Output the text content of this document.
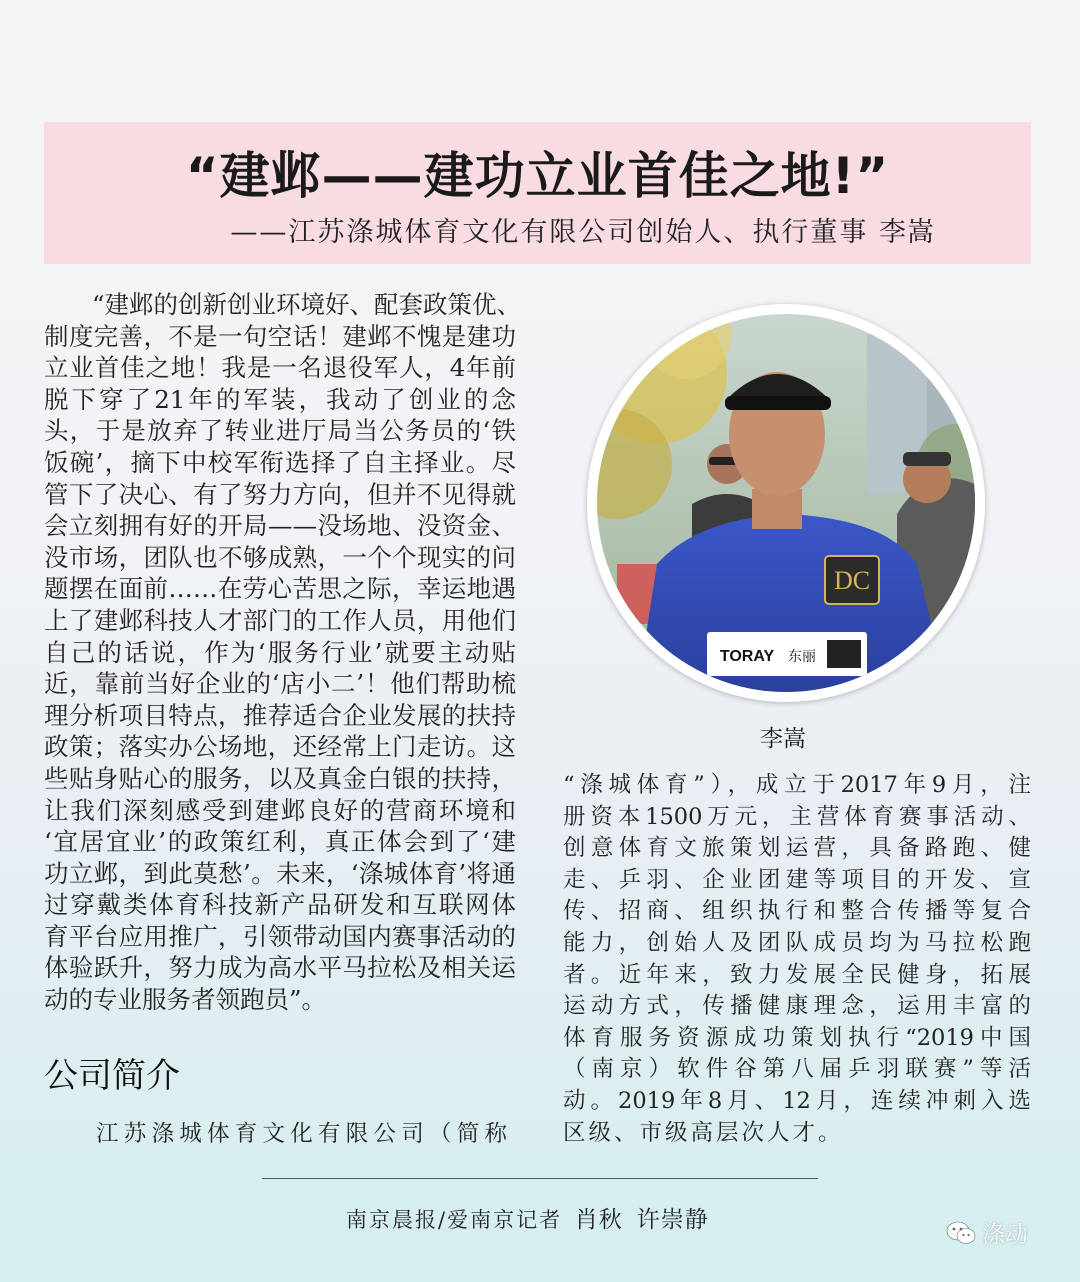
“建邺——建功立业首佳之地!”
——江苏涤城体育文化有限公司创始人、执行董事 李嵩
“建邺的创新创业环境好、配套政策优、
制度完善，不是一句空话！建邺不愧是建功
立业首佳之地！我是一名退役军人，4年前
脱下穿了21年的军装，我动了创业的念
头，于是放弃了转业进厅局当公务员的‘铁
饭碗’，摘下中校军衔选择了自主择业。尽
管下了决心、有了努力方向，但并不见得就
会立刻拥有好的开局——没场地、没资金、
没市场，团队也不够成熟，一个个现实的问
题摆在面前……在劳心苦思之际，幸运地遇
上了建邺科技人才部门的工作人员，用他们
自己的话说，作为‘服务行业’就要主动贴
近，靠前当好企业的‘店小二’！他们帮助梳
理分析项目特点，推荐适合企业发展的扶持
政策；落实办公场地，还经常上门走访。这
些贴身贴心的服务，以及真金白银的扶持，
让我们深刻感受到建邺良好的营商环境和
‘宜居宜业’的政策红利，真正体会到了‘建
功立邺，到此莫愁’。未来，‘涤城体育’将通
过穿戴类体育科技新产品研发和互联网体
育平台应用推广，引领带动国内赛事活动的
体验跃升，努力成为高水平马拉松及相关运
动的专业服务者领跑员”。
DC
TORAY 东丽

李嵩

“涤城体育”），成立于2017年9月，注
册资本1500万元，主营体育赛事活动、
创意体育文旅策划运营，具备路跑、健
走、乒羽、企业团建等项目的开发、宣
传、招商、组织执行和整合传播等复合
能力，创始人及团队成员均为马拉松跑
者。近年来，致力发展全民健身，拓展
运动方式，传播健康理念，运用丰富的
体育服务资源成功策划执行“2019中国
（南京）软件谷第八届乒羽联赛”等活
动。2019年8月、12月，连续冲刺入选
区级、市级高层次人才。
公司简介
江苏涤城体育文化有限公司（简称
南京晨报/爱南京记者 肖秋 许崇静
涤动
